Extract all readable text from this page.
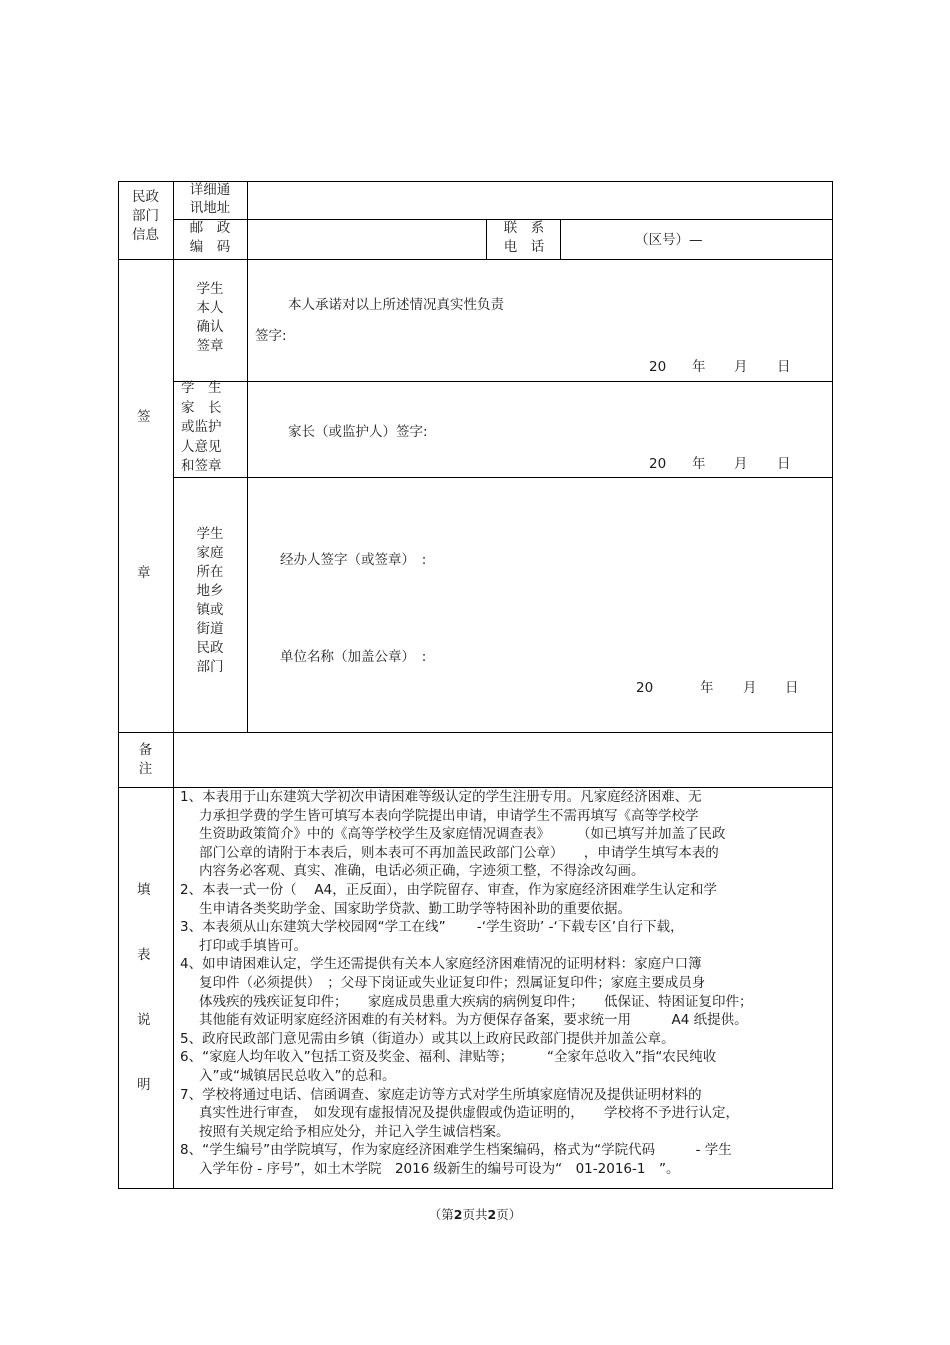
民政
部门
信息
详细通
讯地址
邮　政
编　码
联　系
电　话	（区号）—
签
章
学生
本人
确认
签章
本人承诺对以上所述情况真实性负责
签字:
20 年 月 日
学　生
家　长
或监护
人意见
和签章
家长（或监护人）签字:
20 年 月 日
学生
家庭
所在
地乡
镇或
街道
民政
部门
经办人签字（或签章）　:
单位名称（加盖公章）　:
20	年 月 日
备
注
填
表
说
明
1、本表用于山东建筑大学初次申请困难等级认定的学生注册专用。凡家庭经济困难、无
力承担学费的学生皆可填写本表向学院提出申请，申请学生不需再填写《高等学校学
生资助政策简介》中的《高等学校学生及家庭情况调查表》　　　（如已填写并加盖了民政
部门公章的请附于本表后，则本表可不再加盖民政部门公章）　　，申请学生填写本表的
内容务必客观、真实、准确，电话必须正确，字迹须工整，不得涂改勾画。
2、本表一式一份（　 A4，正反面），由学院留存、审查，作为家庭经济困难学生认定和学
生申请各类奖助学金、国家助学贷款、勤工助学等特困补助的重要依据。
3、本表须从山东建筑大学校园网“学工在线”　　 -‘学生资助’ -‘下载专区’自行下载，
打印或手填皆可。
4、如申请困难认定，学生还需提供有关本人家庭经济困难情况的证明材料：家庭户口簿
复印件（必须提供）　；父母下岗证或失业证复印件；烈属证复印件；家庭主要成员身
体残疾的残疾证复印件；　　家庭成员患重大疾病的病例复印件；　　低保证、特困证复印件；
其他能有效证明家庭经济困难的有关材料。为方便保存备案，要求统一用　　　A4 纸提供。
5、政府民政部门意见需由乡镇（街道办）或其以上政府民政部门提供并加盖公章。
6、“家庭人均年收入”包括工资及奖金、福利、津贴等；　　　“全家年总收入”指“农民纯收
入”或“城镇居民总收入”的总和。
7、学校将通过电话、信函调查、家庭走访等方式对学生所填家庭情况及提供证明材料的
真实性进行审查，　如发现有虚报情况及提供虚假或伪造证明的，　　学校将不予进行认定，
按照有关规定给予相应处分，并记入学生诚信档案。
8、“学生编号”由学院填写，作为家庭经济困难学生档案编码，格式为“学院代码　　　- 学生
入学年份 - 序号”，如土木学院　2016 级新生的编号可设为“　01-2016-1　”。
（第2页共2页）
